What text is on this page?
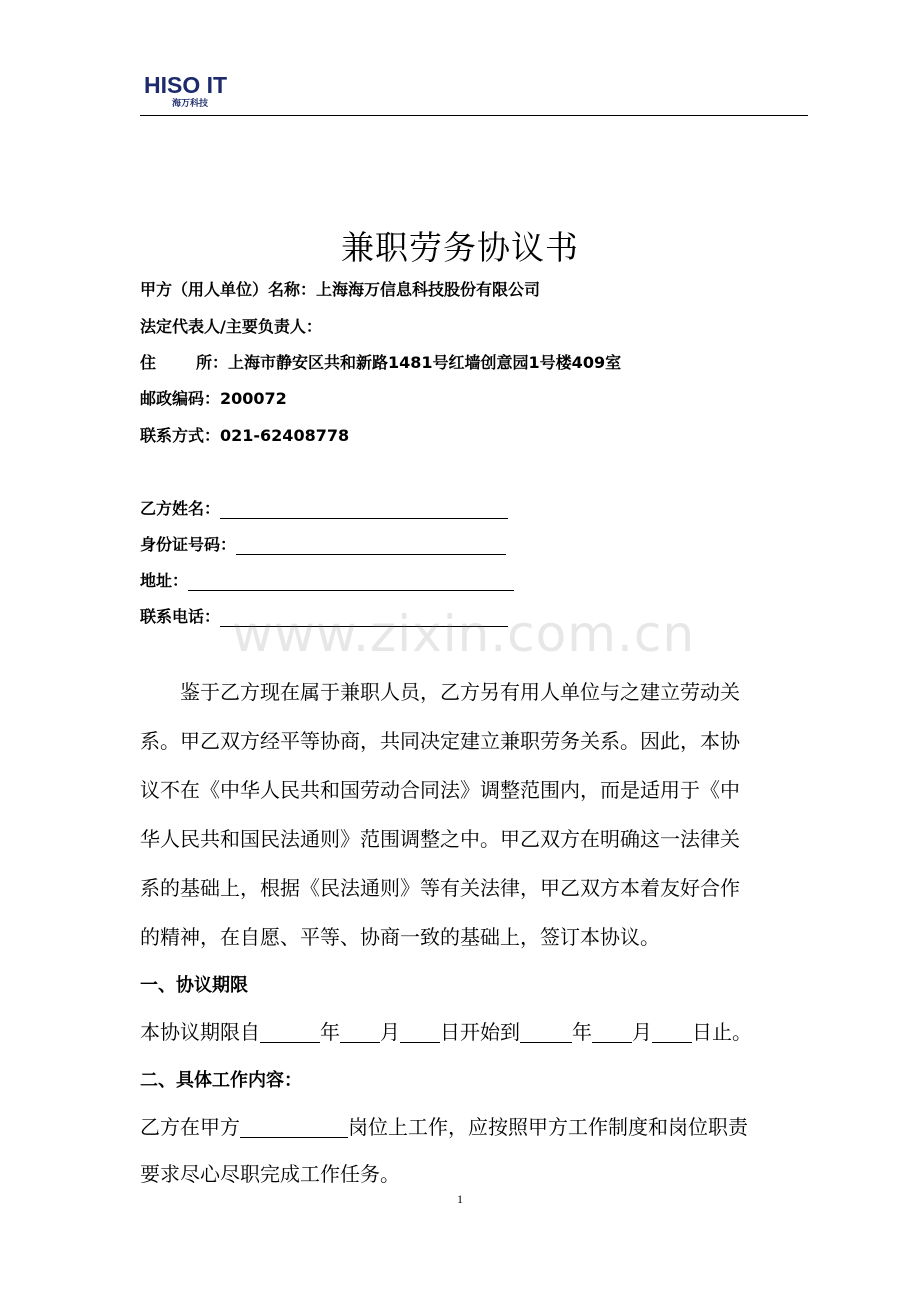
HISO IT
海万科技
兼职劳务协议书
甲方（用人单位）名称：上海海万信息科技股份有限公司
法定代表人/主要负责人：
住	所：上海市静安区共和新路1481号红墙创意园1号楼409室
邮政编码：200072
联系方式：021-62408778
乙方姓名：
身份证号码：
地址：
联系电话： www.zixin.com.cn
鉴于乙方现在属于兼职人员，乙方另有用人单位与之建立劳动关
系。甲乙双方经平等协商，共同决定建立兼职劳务关系。因此，本协
议不在《中华人民共和国劳动合同法》调整范围内，而是适用于《中
华人民共和国民法通则》范围调整之中。甲乙双方在明确这一法律关
系的基础上，根据《民法通则》等有关法律，甲乙双方本着友好合作
的精神，在自愿、平等、协商一致的基础上，签订本协议。
一、协议期限
本协议期限自	年 月 日开始到	年 月 日止。
二、具体工作内容：
乙方在甲方	岗位上工作，应按照甲方工作制度和岗位职责
要求尽心尽职完成工作任务。
1
